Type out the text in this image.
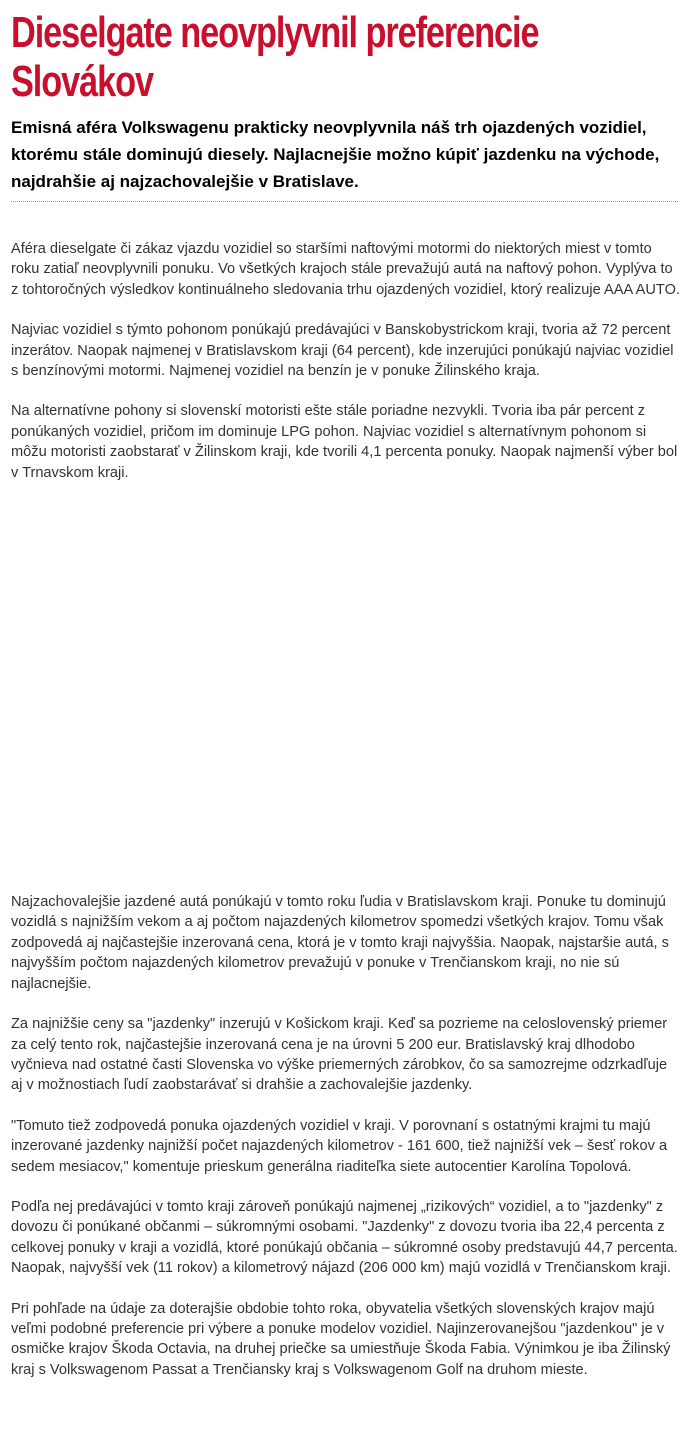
Dieselgate neovplyvnil preferencie Slovákov

Emisná aféra Volkswagenu prakticky neovplyvnila náš trh ojazdených vozidiel, ktorému stále dominujú diesely. Najlacnejšie možno kúpiť jazdenku na východe, najdrahšie aj najzachovalejšie v Bratislave.

Aféra dieselgate či zákaz vjazdu vozidiel so staršími naftovými motormi do niektorých miest v tomto roku zatiaľ neovplyvnili ponuku. Vo všetkých krajoch stále prevažujú autá na naftový pohon. Vyplýva to z tohtoročných výsledkov kontinuálneho sledovania trhu ojazdených vozidiel, ktorý realizuje AAA AUTO.

Najviac vozidiel s týmto pohonom ponúkajú predávajúci v Banskobystrickom kraji, tvoria až 72 percent inzerátov. Naopak najmenej v Bratislavskom kraji (64 percent), kde inzerujúci ponúkajú najviac vozidiel s benzínovými motormi. Najmenej vozidiel na benzín je v ponuke Žilinského kraja.

Na alternatívne pohony si slovenskí motoristi ešte stále poriadne nezvykli. Tvoria iba pár percent z ponúkaných vozidiel, pričom im dominuje LPG pohon. Najviac vozidiel s alternatívnym pohonom si môžu motoristi zaobstarať v Žilinskom kraji, kde tvorili 4,1 percenta ponuky. Naopak najmenší výber bol v Trnavskom kraji.

Najzachovalejšie jazdené autá ponúkajú v tomto roku ľudia v Bratislavskom kraji. Ponuke tu dominujú vozidlá s najnižším vekom a aj počtom najazdených kilometrov spomedzi všetkých krajov. Tomu však zodpovedá aj najčastejšie inzerovaná cena, ktorá je v tomto kraji najvyššia. Naopak, najstaršie autá, s najvyšším počtom najazdených kilometrov prevažujú v ponuke v Trenčianskom kraji, no nie sú najlacnejšie.

Za najnižšie ceny sa "jazdenky" inzerujú v Košickom kraji. Keď sa pozrieme na celoslovenský priemer za celý tento rok, najčastejšie inzerovaná cena je na úrovni 5 200 eur. Bratislavský kraj dlhodobo vyčnieva nad ostatné časti Slovenska vo výške priemerných zárobkov, čo sa samozrejme odzrkadľuje aj v možnostiach ľudí zaobstarávať si drahšie a zachovalejšie jazdenky.

"Tomuto tiež zodpovedá ponuka ojazdených vozidiel v kraji. V porovnaní s ostatnými krajmi tu majú inzerované jazdenky najnižší počet najazdených kilometrov - 161 600, tiež najnižší vek – šesť rokov a sedem mesiacov," komentuje prieskum generálna riaditeľka siete autocentier Karolína Topolová.

Podľa nej predávajúci v tomto kraji zároveň ponúkajú najmenej „rizikových“ vozidiel, a to "jazdenky" z dovozu či ponúkané občanmi – súkromnými osobami. "Jazdenky" z dovozu tvoria iba 22,4 percenta z celkovej ponuky v kraji a vozidlá, ktoré ponúkajú občania – súkromné osoby predstavujú 44,7 percenta. Naopak, najvyšší vek (11 rokov) a kilometrový nájazd (206 000 km) majú vozidlá v Trenčianskom kraji.

Pri pohľade na údaje za doterajšie obdobie tohto roka, obyvatelia všetkých slovenských krajov majú veľmi podobné preferencie pri výbere a ponuke modelov vozidiel. Najinzerovanejšou "jazdenkou" je v osmičke krajov Škoda Octavia, na druhej priečke sa umiestňuje Škoda Fabia. Výnimkou je iba Žilinský kraj s Volkswagenom Passat a Trenčiansky kraj s Volkswagenom Golf na druhom mieste.
